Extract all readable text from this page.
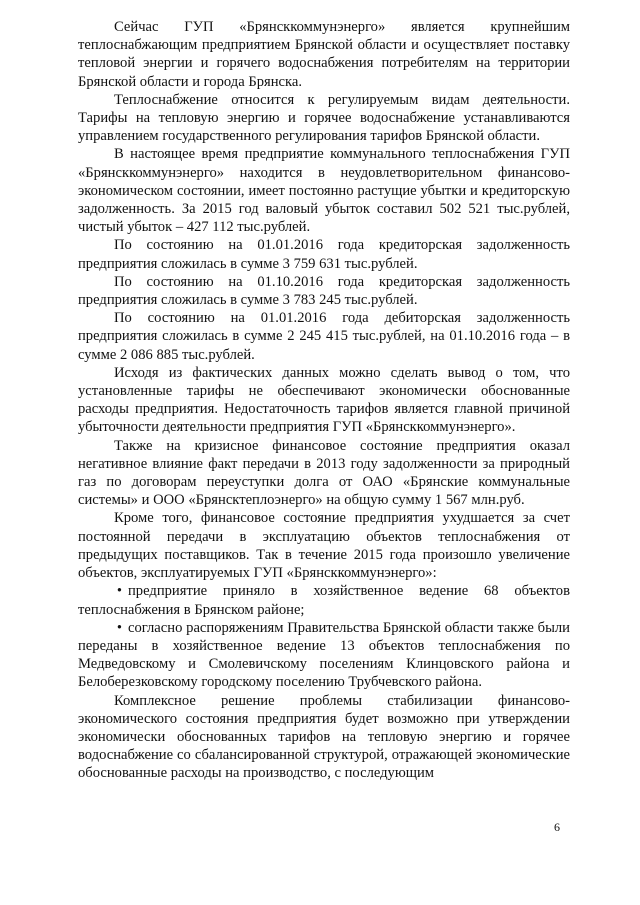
Сейчас ГУП «Брянсккоммунэнерго» является крупнейшим теплоснабжающим предприятием Брянской области и осуществляет поставку тепловой энергии и горячего водоснабжения потребителям на территории Брянской области и города Брянска.

Теплоснабжение относится к регулируемым видам деятельности. Тарифы на тепловую энергию и горячее водоснабжение устанавливаются управлением государственного регулирования тарифов Брянской области.

В настоящее время предприятие коммунального теплоснабжения ГУП «Брянсккоммунэнерго» находится в неудовлетворительном финансово-экономическом состоянии, имеет постоянно растущие убытки и кредиторскую задолженность. За 2015 год валовый убыток составил 502 521 тыс.рублей, чистый убыток – 427 112 тыс.рублей.

По состоянию на 01.01.2016 года кредиторская задолженность предприятия сложилась в сумме 3 759 631 тыс.рублей.

По состоянию на 01.10.2016 года кредиторская задолженность предприятия сложилась в сумме 3 783 245 тыс.рублей.

По состоянию на 01.01.2016 года дебиторская задолженность предприятия сложилась в сумме 2 245 415 тыс.рублей, на 01.10.2016 года – в сумме 2 086 885 тыс.рублей.

Исходя из фактических данных можно сделать вывод о том, что установленные тарифы не обеспечивают экономически обоснованные расходы предприятия. Недостаточность тарифов является главной причиной убыточности деятельности предприятия ГУП «Брянсккоммунэнерго».

Также на кризисное финансовое состояние предприятия оказал негативное влияние факт передачи в 2013 году задолженности за природный газ по договорам переуступки долга от ОАО «Брянские коммунальные системы» и ООО «Брянсктеплоэнерго» на общую сумму 1 567 млн.руб.

Кроме того, финансовое состояние предприятия ухудшается за счет постоянной передачи в эксплуатацию объектов теплоснабжения от предыдущих поставщиков. Так в течение 2015 года произошло увеличение объектов, эксплуатируемых ГУП «Брянсккоммунэнерго»:

• предприятие приняло в хозяйственное ведение 68 объектов теплоснабжения в Брянском районе;

• согласно распоряжениям Правительства Брянской области также были переданы в хозяйственное ведение 13 объектов теплоснабжения по Медведовскому и Смолевичскому поселениям Клинцовского района и Белоберезковскому городскому поселению Трубчевского района.

Комплексное решение проблемы стабилизации финансово-экономического состояния предприятия будет возможно при утверждении экономически обоснованных тарифов на тепловую энергию и горячее водоснабжение со сбалансированной структурой, отражающей экономические обоснованные расходы на производство, с последующим

6
